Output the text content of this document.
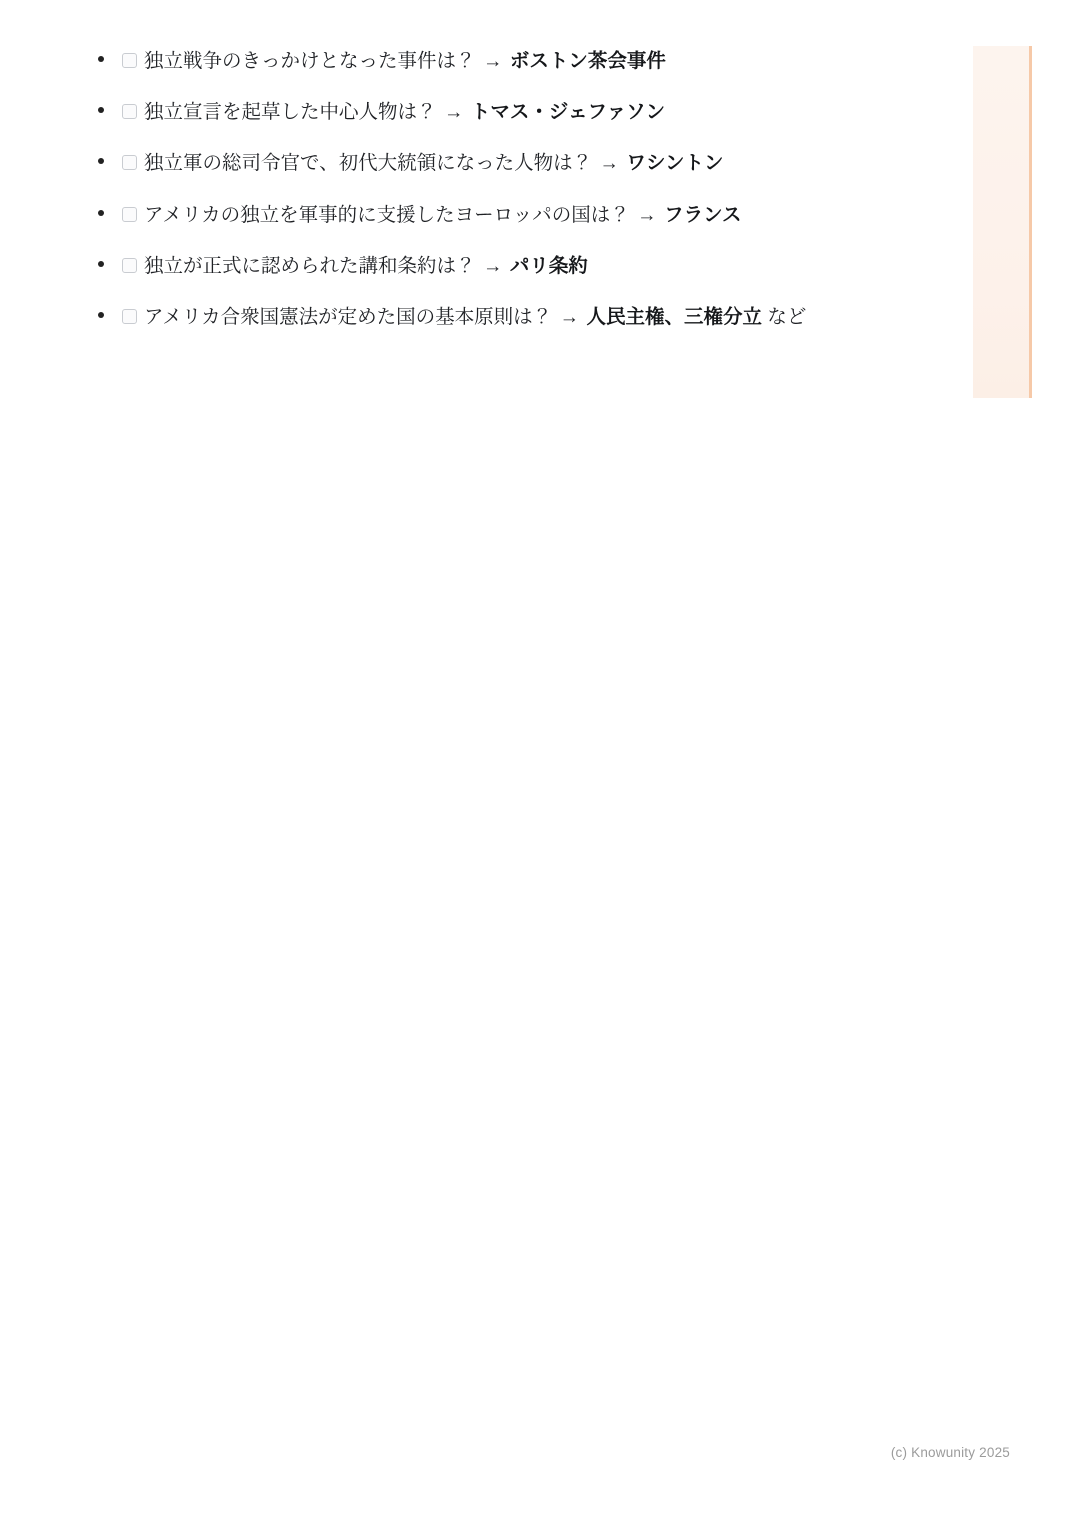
独立戦争のきっかけとなった事件は？ → ボストン茶会事件
独立宣言を起草した中心人物は？ → トマス・ジェファソン
独立軍の総司令官で、初代大統領になった人物は？ → ワシントン
アメリカの独立を軍事的に支援したヨーロッパの国は？ → フランス
独立が正式に認められた講和条約は？ → パリ条約
アメリカ合衆国憲法が定めた国の基本原則は？ → 人民主権、三権分立 など
(c) Knowunity 2025
